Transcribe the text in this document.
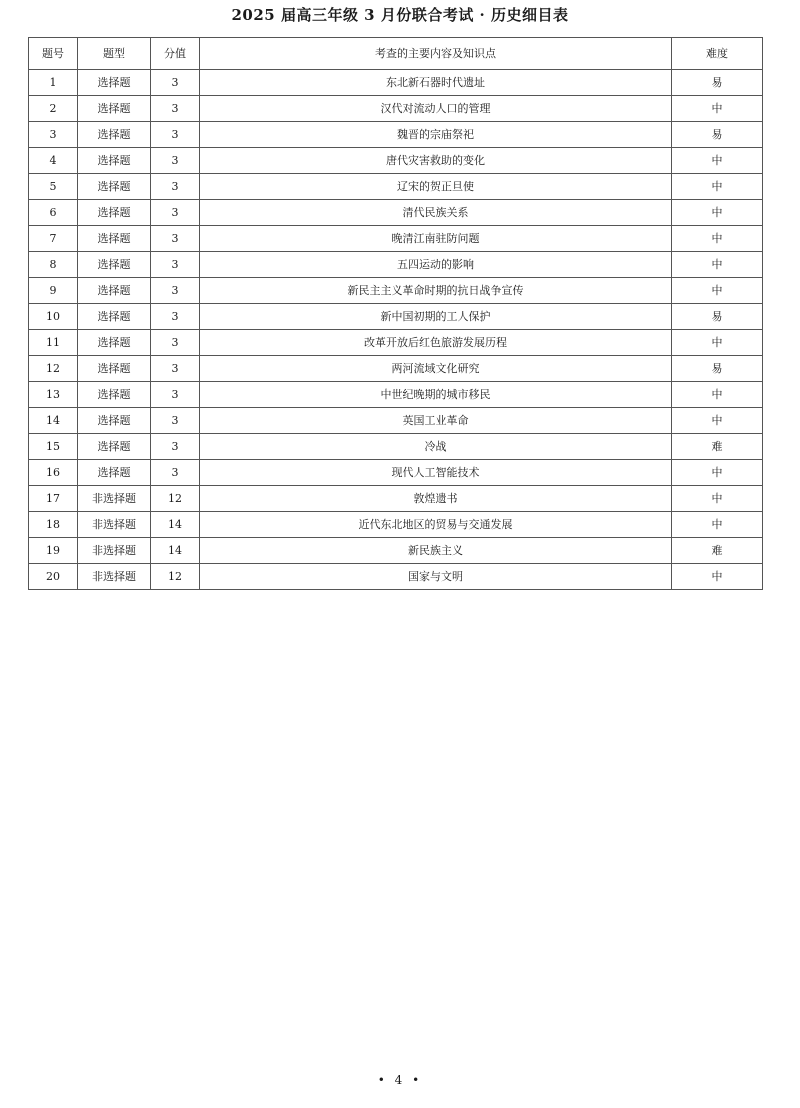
2025 届高三年级 3 月份联合考试 · 历史细目表
题号	题型	分值	考查的主要内容及知识点	难度
1	选择题	3	东北新石器时代遗址	易
2	选择题	3	汉代对流动人口的管理	中
3	选择题	3	魏晋的宗庙祭祀	易
4	选择题	3	唐代灾害救助的变化	中
5	选择题	3	辽宋的贺正旦使	中
6	选择题	3	清代民族关系	中
7	选择题	3	晚清江南驻防问题	中
8	选择题	3	五四运动的影响	中
9	选择题	3	新民主主义革命时期的抗日战争宣传	中
10	选择题	3	新中国初期的工人保护	易
11	选择题	3	改革开放后红色旅游发展历程	中
12	选择题	3	两河流域文化研究	易
13	选择题	3	中世纪晚期的城市移民	中
14	选择题	3	英国工业革命	中
15	选择题	3	冷战	难
16	选择题	3	现代人工智能技术	中
17	非选择题	12	敦煌遗书	中
18	非选择题	14	近代东北地区的贸易与交通发展	中
19	非选择题	14	新民族主义	难
20	非选择题	12	国家与文明	中
• 4 •
